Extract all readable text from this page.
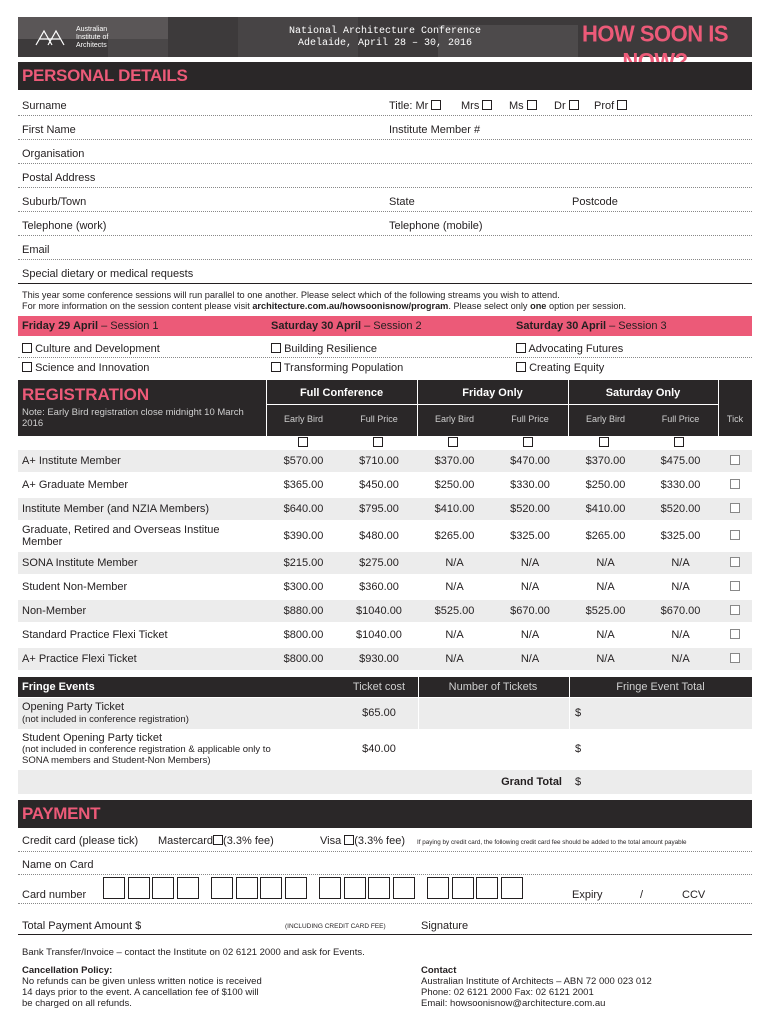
Australian
Institute of
Architects
National Architecture Conference
Adelaide, April 28 – 30, 2016	HOW SOON IS
PERSONAL DETAILS
Surname	Title: Mr	Mrs	Ms	Dr	Prof
First Name	Institute Member #
Organisation
Postal Address
Suburb/Town	State	Postcode
Telephone (work)	Telephone (mobile)
Email
Special dietary or medical requests
This year some conference sessions will run parallel to one another. Please select which of the following streams you wish to attend.
For more information on the session content please visit architecture.com.au/howsoonisnow/program. Please select only one option per session.
Friday 29 April – Session 1	Saturday 30 April – Session 2	Saturday 30 April – Session 3
Culture and Development	Building Resilience	Advocating Futures
Science and Innovation	Transforming Population	Creating Equity
REGISTRATION
Note: Early Bird registration close midnight 10 March 2016
Full Conference	Friday Only	Saturday Only
Early Bird	Full Price	Early Bird	Full Price	Early Bird	Full Price	Tick
A+ Institute Member	$570.00	$710.00	$370.00	$470.00	$370.00	$475.00
A+ Graduate Member	$365.00	$450.00	$250.00	$330.00	$250.00	$330.00
Institute Member (and NZIA Members)	$640.00	$795.00	$410.00	$520.00	$410.00	$520.00
Graduate, Retired and Overseas Institue Member	$390.00	$480.00	$265.00	$325.00	$265.00	$325.00
SONA Institute Member	$215.00	$275.00	N/A	N/A	N/A	N/A
Student Non-Member	$300.00	$360.00	N/A	N/A	N/A	N/A
Non-Member	$880.00	$1040.00	$525.00	$670.00	$525.00	$670.00
Standard Practice Flexi Ticket	$800.00	$1040.00	N/A	N/A	N/A	N/A
A+ Practice Flexi Ticket	$800.00	$930.00	N/A	N/A	N/A	N/A
Fringe Events	Ticket cost	Number of Tickets	Fringe Event Total
Opening Party Ticket
(not included in conference registration)
$65.00	$
Student Opening Party ticket
(not included in conference registration & applicable only to SONA members and Student-Non Members)
$40.00	$
Grand Total $
PAYMENT
Credit card (please tick) Mastercard (3.3% fee)	Visa (3.3% fee) If paying by credit card, the following credit card fee should be added to the total amount payable
Name on Card
Card number	Expiry	/	CCV
Total Payment Amount $	(INCLUDING CREDIT CARD FEE)	Signature
Bank Transfer/Invoice – contact the Institute on 02 6121 2000 and ask for Events.
Cancellation Policy:
No refunds can be given unless written notice is received
14 days prior to the event. A cancellation fee of $100 will
be charged on all refunds.
Contact
Australian Institute of Architects – ABN 72 000 023 012
Phone: 02 6121 2000 Fax: 02 6121 2001
Email: howsoonisnow@architecture.com.au
